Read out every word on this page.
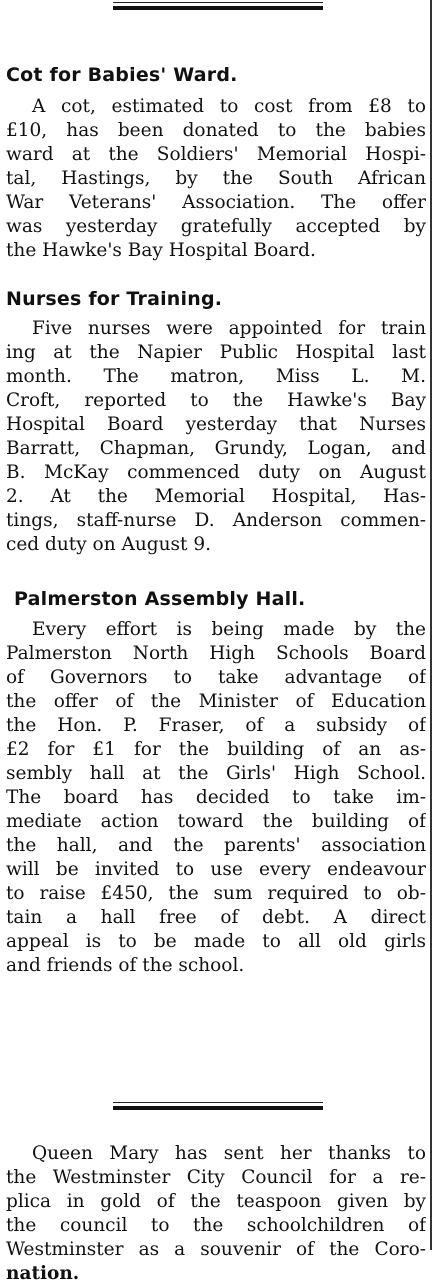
Cot for Babies' Ward.
A cot, estimated to cost from £8 to
£10, has been donated to the babies
ward at the Soldiers' Memorial Hospi-
tal, Hastings, by the South African
War Veterans' Association. The offer
was yesterday gratefully accepted by
the Hawke's Bay Hospital Board.
Nurses for Training.
Five nurses were appointed for train
ing at the Napier Public Hospital last
month. The matron, Miss L. M.
Croft, reported to the Hawke's Bay
Hospital Board yesterday that Nurses
Barratt, Chapman, Grundy, Logan, and
B. McKay commenced duty on August
2. At the Memorial Hospital, Has-
tings, staff-nurse D. Anderson commen-
ced duty on August 9.
Palmerston Assembly Hall.
Every effort is being made by the
Palmerston North High Schools Board
of Governors to take advantage of
the offer of the Minister of Education
the Hon. P. Fraser, of a subsidy of
£2 for £1 for the building of an as-
sembly hall at the Girls' High School.
The board has decided to take im-
mediate action toward the building of
the hall, and the parents' association
will be invited to use every endeavour
to raise £450, the sum required to ob-
tain a hall free of debt. A direct
appeal is to be made to all old girls
and friends of the school.
Queen Mary has sent her thanks to
the Westminster City Council for a re-
plica in gold of the teaspoon given by
the council to the schoolchildren of
Westminster as a souvenir of the Coro-
nation.
